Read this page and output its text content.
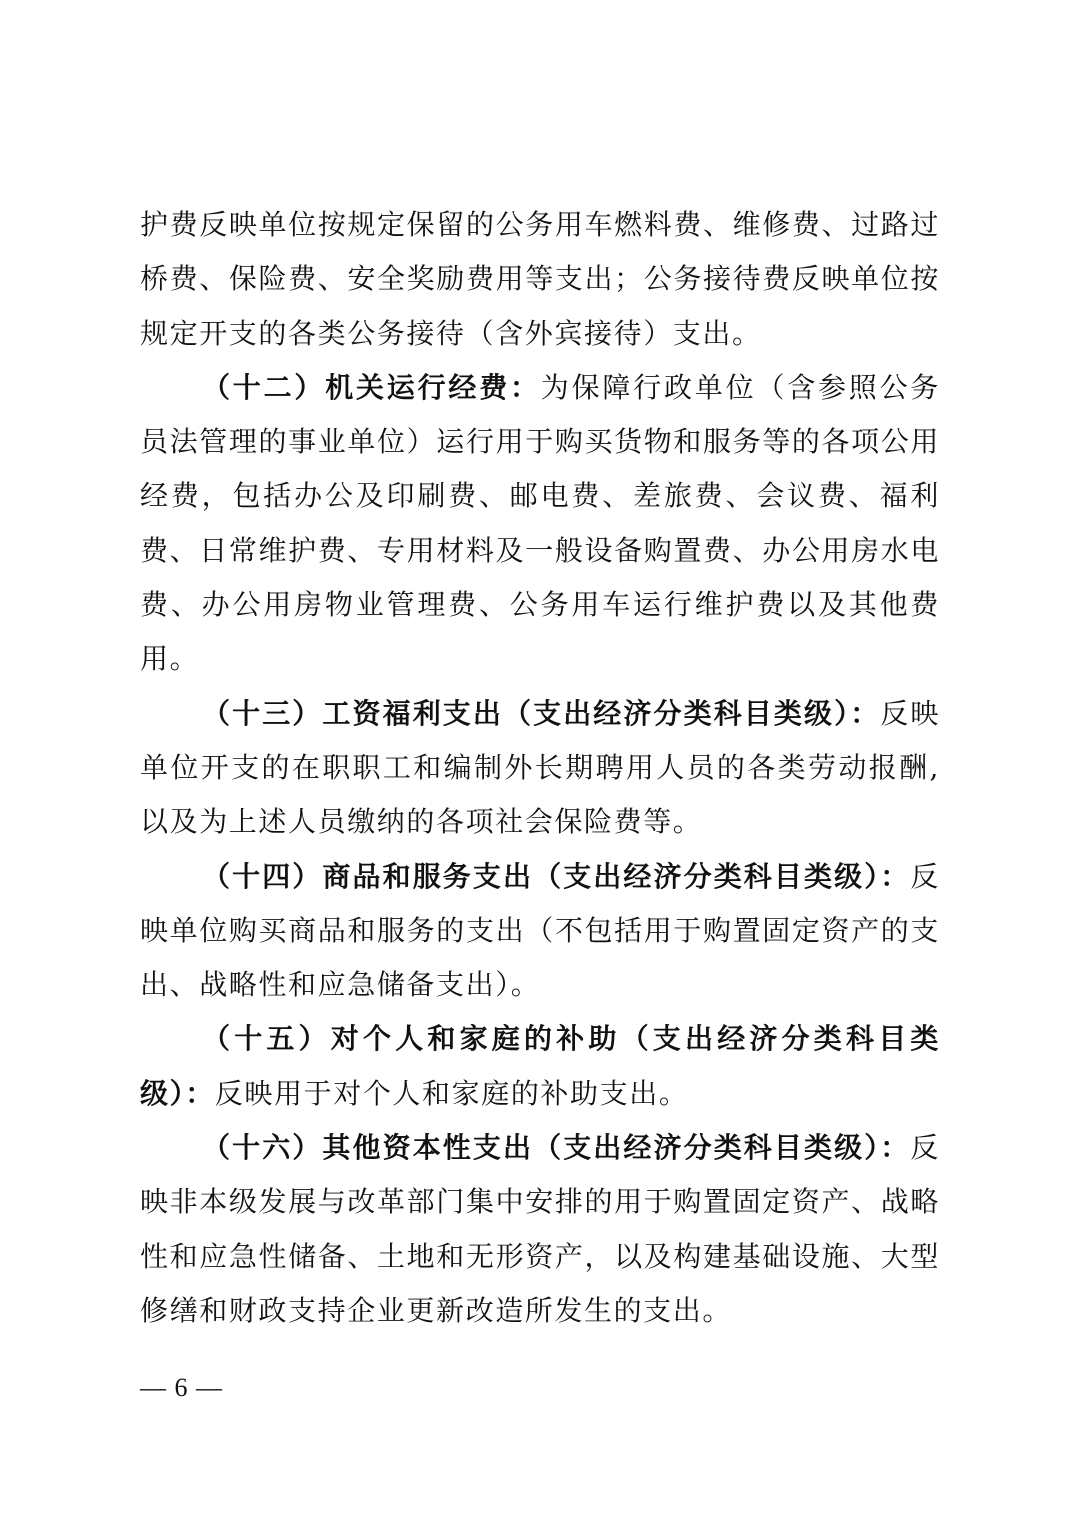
护费反映单位按规定保留的公务用车燃料费、维修费、过路过桥费、保险费、安全奖励费用等支出；公务接待费反映单位按规定开支的各类公务接待（含外宾接待）支出。

（十二）机关运行经费：为保障行政单位（含参照公务员法管理的事业单位）运行用于购买货物和服务等的各项公用经费，包括办公及印刷费、邮电费、差旅费、会议费、福利费、日常维护费、专用材料及一般设备购置费、办公用房水电费、办公用房物业管理费、公务用车运行维护费以及其他费用。

（十三）工资福利支出（支出经济分类科目类级）：反映单位开支的在职职工和编制外长期聘用人员的各类劳动报酬,以及为上述人员缴纳的各项社会保险费等。

（十四）商品和服务支出（支出经济分类科目类级）：反映单位购买商品和服务的支出（不包括用于购置固定资产的支出、战略性和应急储备支出）。

（十五）对个人和家庭的补助（支出经济分类科目类级）：反映用于对个人和家庭的补助支出。

（十六）其他资本性支出（支出经济分类科目类级）：反映非本级发展与改革部门集中安排的用于购置固定资产、战略性和应急性储备、土地和无形资产，以及构建基础设施、大型修缮和财政支持企业更新改造所发生的支出。

— 6 —
